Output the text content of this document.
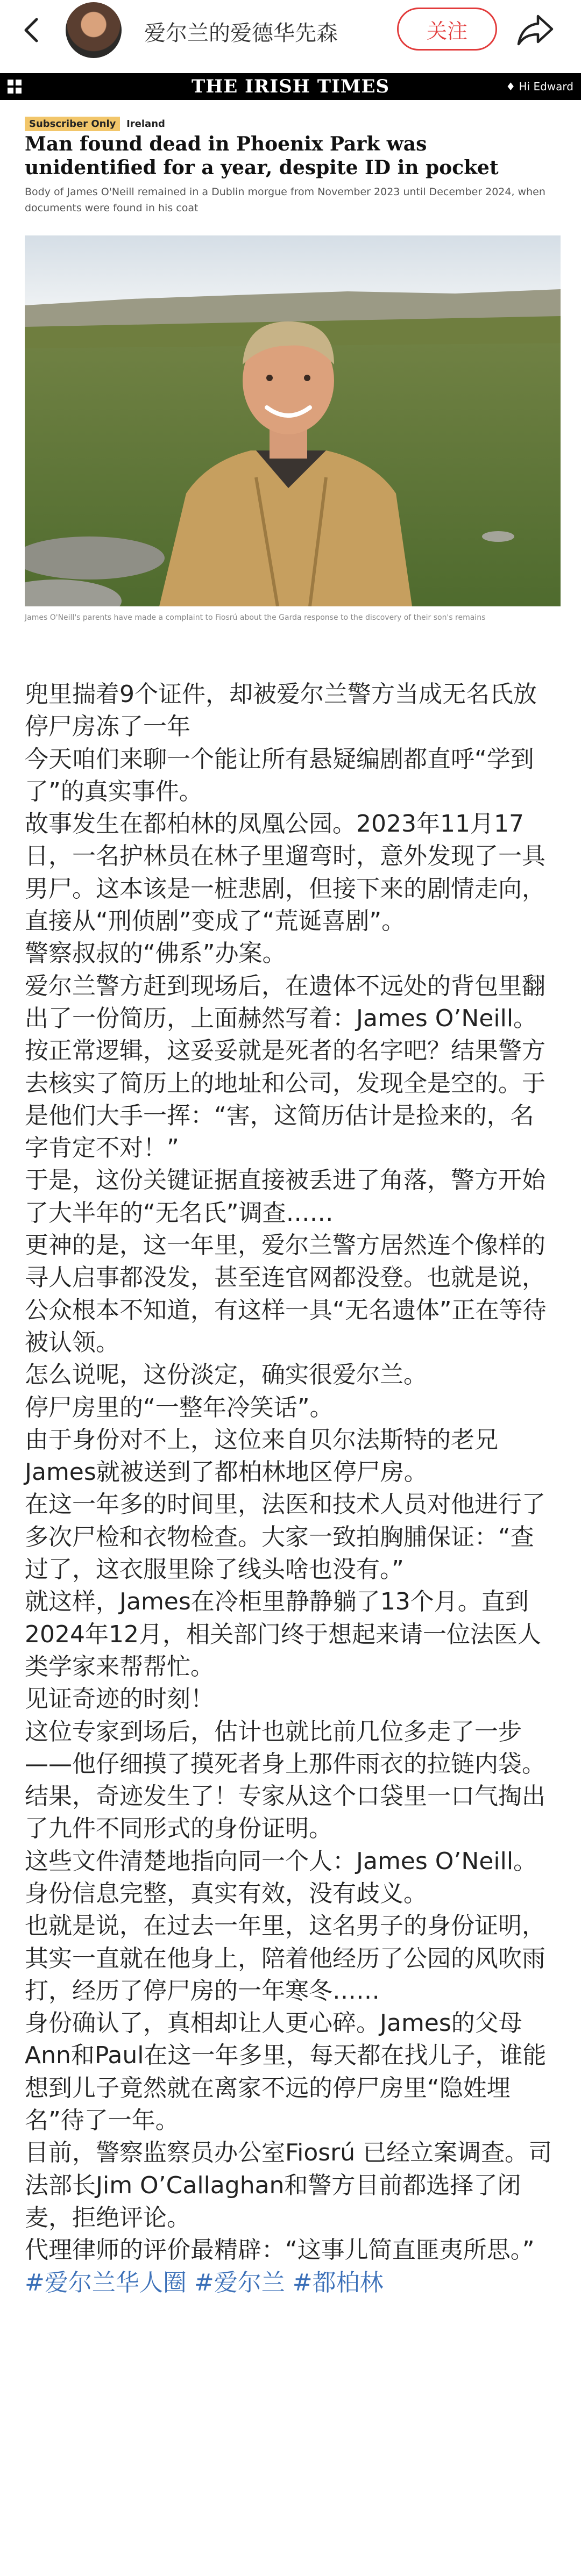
爱尔兰的爱德华先森	关注
THE IRISH TIMES	♦ Hi Edward
Subscriber Only Ireland
Man found dead in Phoenix Park was unidentified for a year, despite ID in pocket
Body of James O'Neill remained in a Dublin morgue from November 2023 until December 2024, when documents were found in his coat
James O'Neill's parents have made a complaint to Fiosrú about the Garda response to the discovery of their son's remains

兜里揣着9个证件，却被爱尔兰警方当成无名氏放停尸房冻了一年

今天咱们来聊一个能让所有悬疑编剧都直呼“学到了”的真实事件。

故事发生在都柏林的凤凰公园。2023年11月17日，一名护林员在林子里遛弯时，意外发现了一具男尸。这本该是一桩悲剧，但接下来的剧情走向，直接从“刑侦剧”变成了“荒诞喜剧”。

警察叔叔的“佛系”办案。

爱尔兰警方赶到现场后，在遗体不远处的背包里翻出了一份简历，上面赫然写着：James O’Neill。

按正常逻辑，这妥妥就是死者的名字吧？结果警方去核实了简历上的地址和公司，发现全是空的。于是他们大手一挥：“害，这简历估计是捡来的，名字肯定不对！”

于是，这份关键证据直接被丢进了角落，警方开始了大半年的“无名氏”调查……

更神的是，这一年里，爱尔兰警方居然连个像样的寻人启事都没发，甚至连官网都没登。也就是说，公众根本不知道，有这样一具“无名遗体”正在等待被认领。

怎么说呢，这份淡定，确实很爱尔兰。

停尸房里的“一整年冷笑话”。

由于身份对不上，这位来自贝尔法斯特的老兄James就被送到了都柏林地区停尸房。

在这一年多的时间里，法医和技术人员对他进行了多次尸检和衣物检查。大家一致拍胸脯保证：“查过了，这衣服里除了线头啥也没有。”

就这样，James在冷柜里静静躺了13个月。直到2024年12月，相关部门终于想起来请一位法医人类学家来帮帮忙。

见证奇迹的时刻！

这位专家到场后，估计也就比前几位多走了一步——他仔细摸了摸死者身上那件雨衣的拉链内袋。

结果，奇迹发生了！专家从这个口袋里一口气掏出了九件不同形式的身份证明。

这些文件清楚地指向同一个人：James O’Neill。身份信息完整，真实有效，没有歧义。

也就是说，在过去一年里，这名男子的身份证明，其实一直就在他身上，陪着他经历了公园的风吹雨打，经历了停尸房的一年寒冬……

身份确认了，真相却让人更心碎。James的父母Ann和Paul在这一年多里，每天都在找儿子，谁能想到儿子竟然就在离家不远的停尸房里“隐姓埋名”待了一年。

目前，警察监察员办公室Fiosrú 已经立案调查。司法部长Jim O’Callaghan和警方目前都选择了闭麦，拒绝评论。

代理律师的评价最精辟：“这事儿简直匪夷所思。”

#爱尔兰华人圈 #爱尔兰 #都柏林
